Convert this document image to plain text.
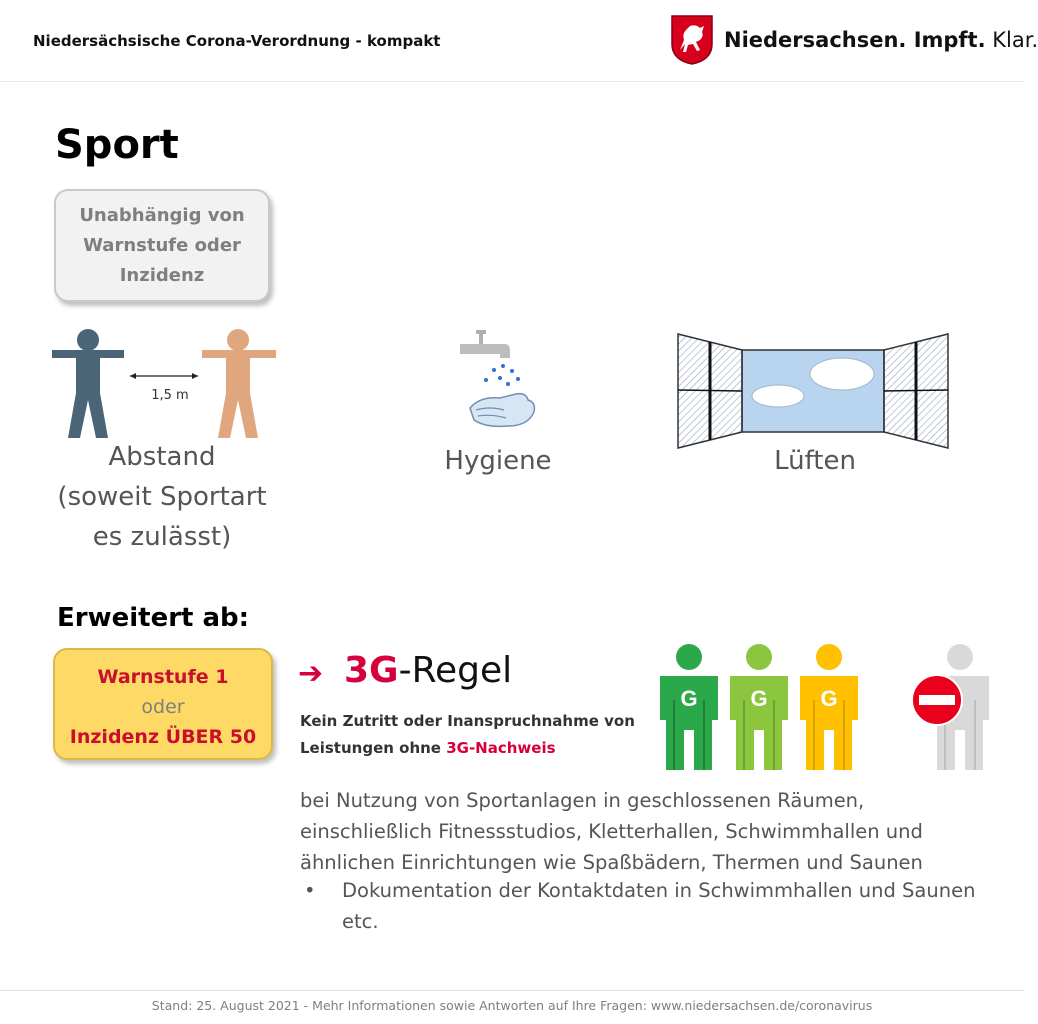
Niedersächsische Corona-Verordnung - kompakt	Niedersachsen. Impft. Klar.
Sport
Unabhängig von Warnstufe oder Inzidenz
1,5 m
Abstand
(soweit Sportart
es zulässt)
Hygiene	Lüften
Erweitert ab:
Warnstufe 1
oder
Inzidenz ÜBER 50
➔ 3G-Regel
Kein Zutritt oder Inanspruchnahme von Leistungen ohne 3G-Nachweis
G G G
bei Nutzung von Sportanlagen in geschlossenen Räumen, einschließlich Fitnessstudios, Kletterhallen, Schwimmhallen und ähnlichen Einrichtungen wie Spaßbädern, Thermen und Saunen
•	Dokumentation der Kontaktdaten in Schwimmhallen und Saunen etc.
Stand: 25. August 2021 - Mehr Informationen sowie Antworten auf Ihre Fragen: www.niedersachsen.de/coronavirus
